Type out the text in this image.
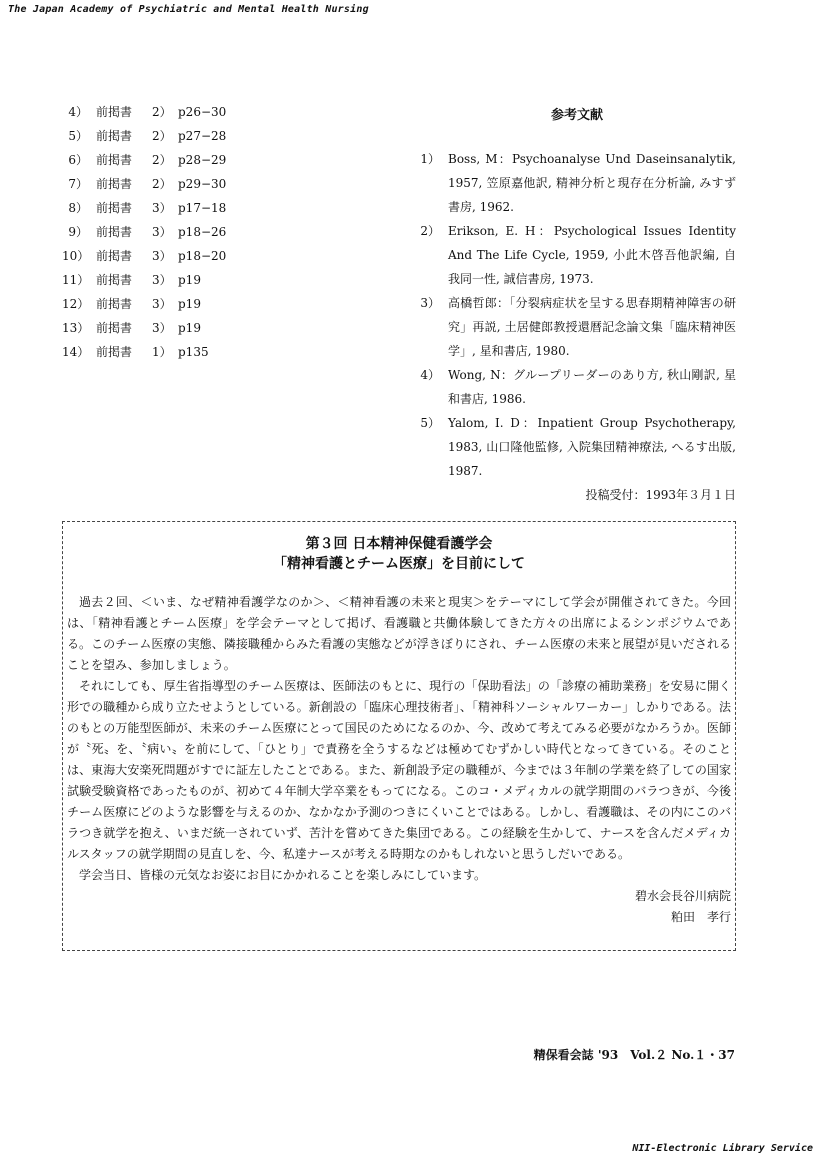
The Japan Academy of Psychiatric and Mental Health Nursing
4） 前掲書 2） p26−30
5） 前掲書 2） p27−28
6） 前掲書 2） p28−29
7） 前掲書 2） p29−30
8） 前掲書 3） p17−18
9） 前掲書 3） p18−26
10） 前掲書 3） p18−20
11） 前掲書 3） p19
12） 前掲書 3） p19
13） 前掲書 3） p19
14） 前掲書 1） p135
参考文献
1） Boss, M：Psychoanalyse Und Daseinsanalytik, 1957, 笠原嘉他訳, 精神分析と現存在分析論, みすず書房, 1962.
2） Erikson, E. H：Psychological Issues Identity And The Life Cycle, 1959, 小此木啓吾他訳編, 自我同一性, 誠信書房, 1973.
3） 高橋哲郎：「分裂病症状を呈する思春期精神障害の研究」再説, 土居健郎教授還暦記念論文集「臨床精神医学」, 星和書店, 1980.
4） Wong, N：グループリーダーのあり方, 秋山剛訳, 星和書店, 1986.
5） Yalom, I. D：Inpatient Group Psychotherapy, 1983, 山口隆他監修, 入院集団精神療法, へるす出版, 1987.
投稿受付：1993年３月１日
第３回 日本精神保健看護学会
「精神看護とチーム医療」を目前にして

過去２回、＜いま、なぜ精神看護学なのか＞、＜精神看護の未来と現実＞をテーマにして学会が開催されてきた。今回は、「精神看護とチーム医療」を学会テーマとして掲げ、看護職と共働体験してきた方々の出席によるシンポジウムである。このチーム医療の実態、隣接職種からみた看護の実態などが浮きぼりにされ、チーム医療の未来と展望が見いだされることを望み、参加しましょう。

それにしても、厚生省指導型のチーム医療は、医師法のもとに、現行の「保助看法」の「診療の補助業務」を安易に開く形での職種から成り立たせようとしている。新創設の「臨床心理技術者」、「精神科ソーシャルワーカー」しかりである。法のもとの万能型医師が、未来のチーム医療にとって国民のためになるのか、今、改めて考えてみる必要がなかろうか。医師が〝死〟を、〝病い〟を前にして、「ひとり」で責務を全うするなどは極めてむずかしい時代となってきている。そのことは、東海大安楽死問題がすでに証左したことである。また、新創設予定の職種が、今までは３年制の学業を終了しての国家試験受験資格であったものが、初めて４年制大学卒業をもってになる。このコ・メディカルの就学期間のバラつきが、今後チーム医療にどのような影響を与えるのか、なかなか予測のつきにくいことではある。しかし、看護職は、その内にこのバラつき就学を抱え、いまだ統一されていず、苦汁を嘗めてきた集団である。この経験を生かして、ナースを含んだメディカルスタッフの就学期間の見直しを、今、私達ナースが考える時期なのかもしれないと思うしだいである。

学会当日、皆様の元気なお姿にお目にかかれることを楽しみにしています。

碧水会長谷川病院
粕田　孝行
精保看会誌 '93　Vol.２ No.１・37
NII-Electronic Library Service
